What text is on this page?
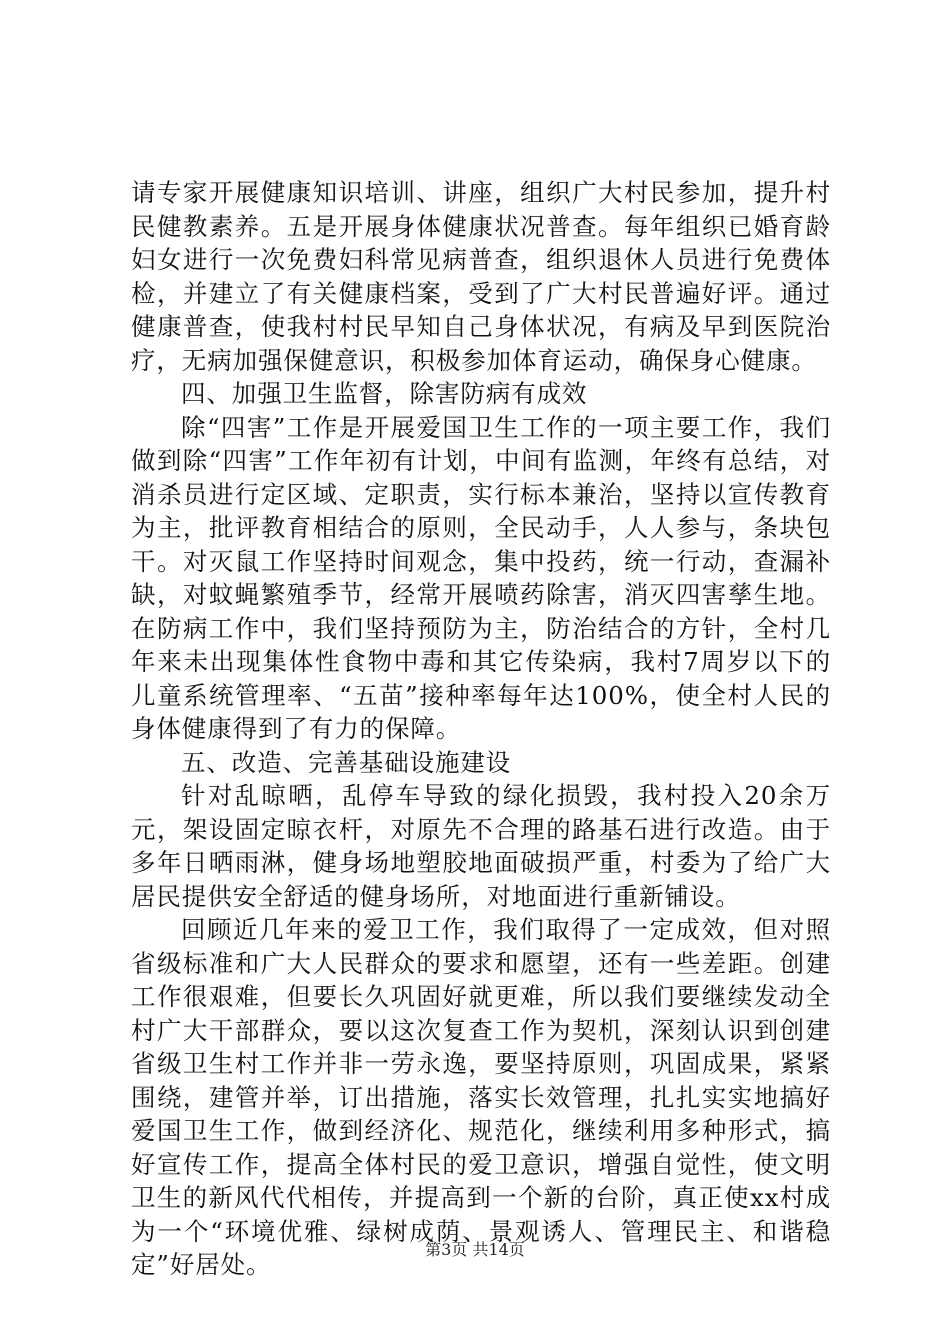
请专家开展健康知识培训、讲座，组织广大村民参加，提升村民健教素养。五是开展身体健康状况普查。每年组织已婚育龄妇女进行一次免费妇科常见病普查，组织退休人员进行免费体检，并建立了有关健康档案，受到了广大村民普遍好评。通过健康普查，使我村村民早知自己身体状况，有病及早到医院治疗，无病加强保健意识，积极参加体育运动，确保身心健康。

四、加强卫生监督，除害防病有成效

除“四害”工作是开展爱国卫生工作的一项主要工作，我们做到除“四害”工作年初有计划，中间有监测，年终有总结，对消杀员进行定区域、定职责，实行标本兼治，坚持以宣传教育为主，批评教育相结合的原则，全民动手，人人参与，条块包干。对灭鼠工作坚持时间观念，集中投药，统一行动，查漏补缺，对蚊蝇繁殖季节，经常开展喷药除害，消灭四害孳生地。在防病工作中，我们坚持预防为主，防治结合的方针，全村几年来未出现集体性食物中毒和其它传染病，我村7周岁以下的儿童系统管理率、“五苗”接种率每年达100%，使全村人民的身体健康得到了有力的保障。

五、改造、完善基础设施建设

针对乱晾晒，乱停车导致的绿化损毁，我村投入20余万元，架设固定晾衣杆，对原先不合理的路基石进行改造。由于多年日晒雨淋，健身场地塑胶地面破损严重，村委为了给广大居民提供安全舒适的健身场所，对地面进行重新铺设。

回顾近几年来的爱卫工作，我们取得了一定成效，但对照省级标准和广大人民群众的要求和愿望，还有一些差距。创建工作很艰难，但要长久巩固好就更难，所以我们要继续发动全村广大干部群众，要以这次复查工作为契机，深刻认识到创建省级卫生村工作并非一劳永逸，要坚持原则，巩固成果，紧紧围绕，建管并举，订出措施，落实长效管理，扎扎实实地搞好爱国卫生工作，做到经济化、规范化，继续利用多种形式，搞好宣传工作，提高全体村民的爱卫意识，增强自觉性，使文明卫生的新风代代相传，并提高到一个新的台阶，真正使xx村成为一个“环境优雅、绿树成荫、景观诱人、管理民主、和谐稳定”好居处。

第3页 共14页
